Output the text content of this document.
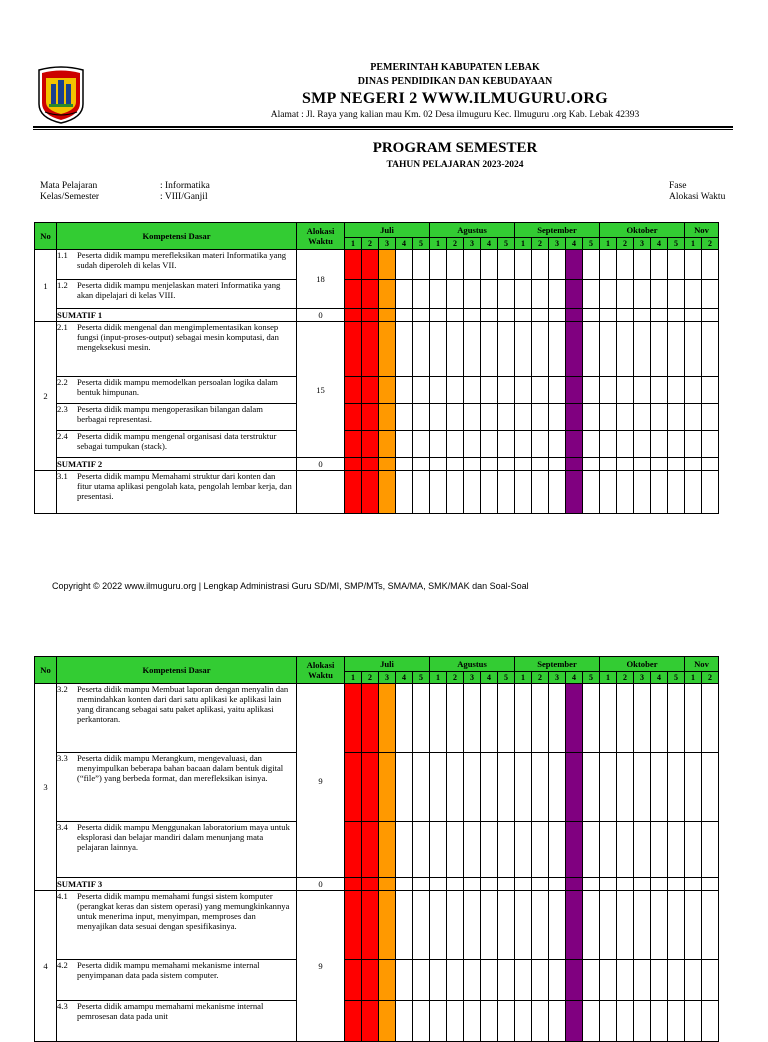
PEMERINTAH KABUPATEN LEBAK
DINAS PENDIDIKAN DAN KEBUDAYAAN
SMP NEGERI 2 WWW.ILMUGURU.ORG
Alamat : Jl. Raya yang kalian mau Km. 02 Desa ilmuguru Kec. Ilmuguru .org Kab. Lebak 42393
PROGRAM SEMESTER
TAHUN PELAJARAN 2023-2024
Mata Pelajaran	: Informatika
Kelas/Semester	: VIII/Ganjil
Fase
Alokasi Waktu
No	Kompetensi Dasar	Alokasi
Waktu	Juli					Agustus					September					Oktober					Nov	
			1	2	3	4	5	1	2	3	4	5	1	2	3	4	5	1	2	3	4	5	1	2
1	1.1 Peserta didik mampu merefleksikan materi Informatika yang sudah diperoleh di kelas VII.	18																						
	1.2 Peserta didik mampu menjelaskan materi Informatika yang akan dipelajari di kelas VIII.																							
	SUMATIF 1	0																						
2	2.1 Peserta didik mengenal dan mengimplementasikan konsep fungsi (input-proses-output) sebagai mesin komputasi, dan mengeksekusi mesin.	15																						
	2.2 Peserta didik mampu memodelkan persoalan logika dalam bentuk himpunan.																							
	2.3 Peserta didik mampu mengoperasikan bilangan dalam berbagai representasi.																							
	2.4 Peserta didik mampu mengenal organisasi data terstruktur sebagai tumpukan (stack).																							
	SUMATIF 2	0																						
	3.1 Peserta didik mampu Memahami struktur dari konten dan fitur utama aplikasi pengolah kata, pengolah lembar kerja, dan presentasi.																							
Copyright © 2022 www.ilmuguru.org | Lengkap Administrasi Guru SD/MI, SMP/MTs, SMA/MA, SMK/MAK dan Soal-Soal
No	Kompetensi Dasar	Alokasi
Waktu	Juli					Agustus					September					Oktober					Nov	
			1	2	3	4	5	1	2	3	4	5	1	2	3	4	5	1	2	3	4	5	1	2
3	3.2 Peserta didik mampu Membuat laporan dengan menyalin dan memindahkan konten dari dari satu aplikasi ke aplikasi lain yang dirancang sebagai satu paket aplikasi, yaitu aplikasi perkantoran.	9																						
	3.3 Peserta didik mampu Merangkum, mengevaluasi, dan menyimpulkan beberapa bahan bacaan dalam bentuk digital (“file”) yang berbeda format, dan merefleksikan isinya.																							
	3.4 Peserta didik mampu Menggunakan laboratorium maya untuk eksplorasi dan belajar mandiri dalam menunjang mata pelajaran lainnya.																							
	SUMATIF 3	0																						
4	4.1 Peserta didik mampu memahami fungsi sistem komputer (perangkat keras dan sistem operasi) yang memungkinkannya untuk menerima input, menyimpan, memproses dan menyajikan data sesuai dengan spesifikasinya.	9																						
	4.2 Peserta didik mampu memahami mekanisme internal penyimpanan data pada sistem computer.																							
	4.3 Peserta didik amampu memahami mekanisme internal pemrosesan data pada unit																							
